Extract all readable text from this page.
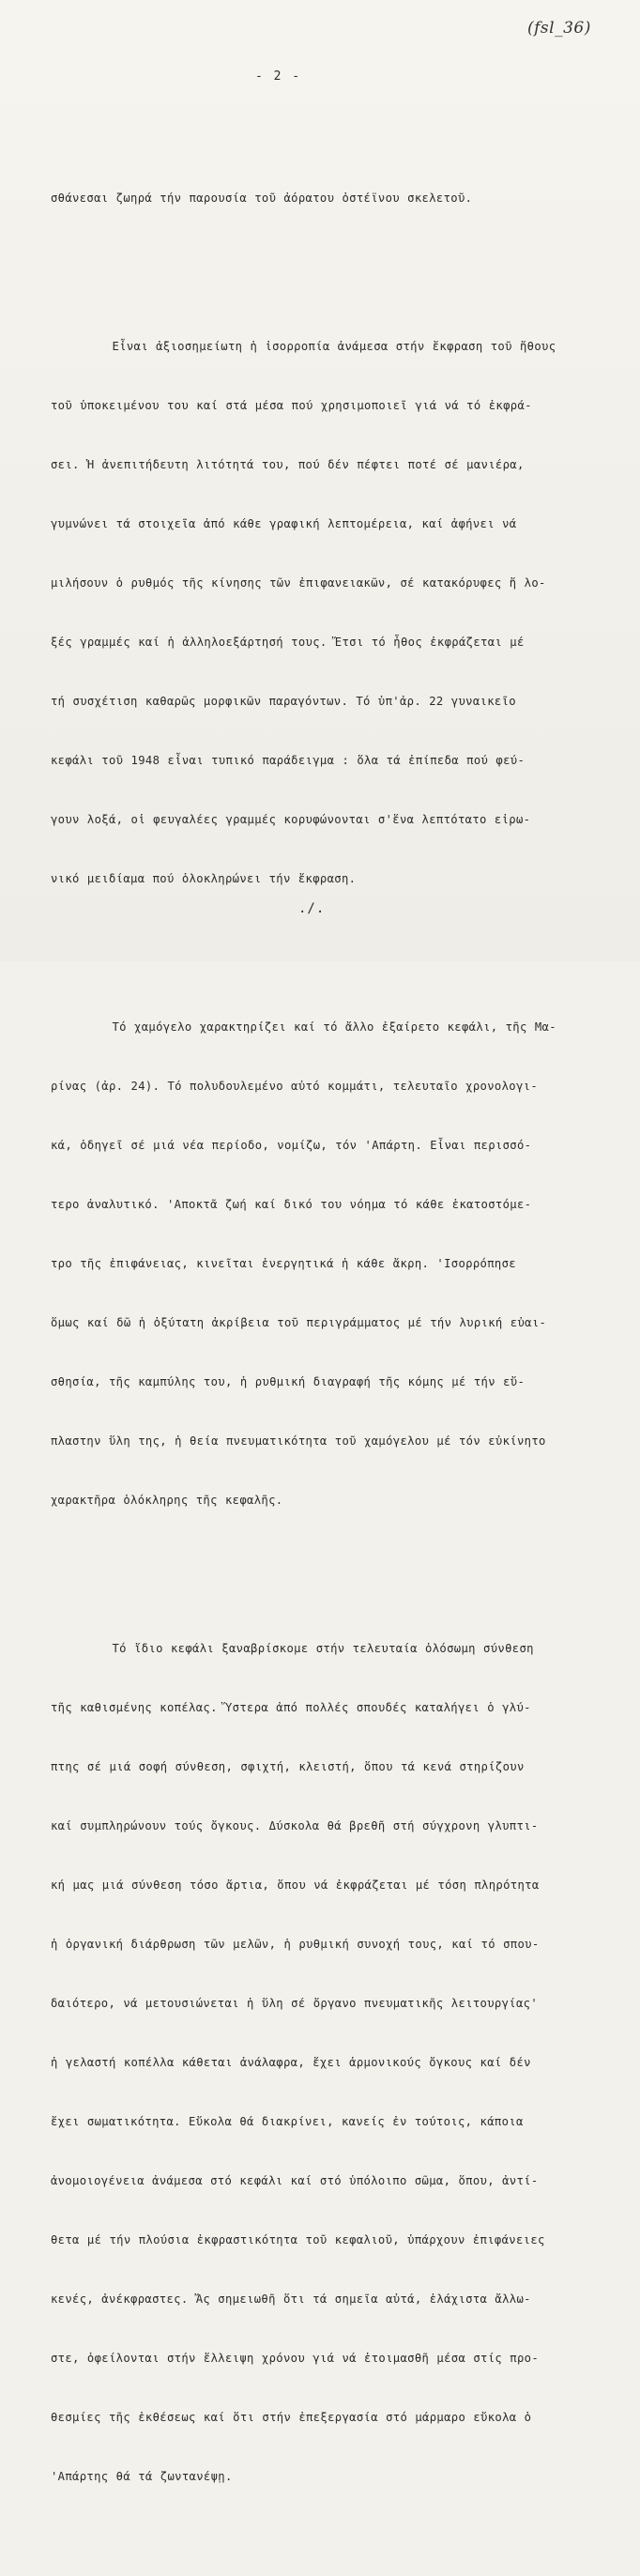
(fsl_36)
- 2 -

σθάνεσαι ζωηρά τήν παρουσία τοῦ ἀόρατου ὀστέϊνου σκελετοῦ.

Εἶναι ἀξιοσημείωτη ἡ ἰσορροπία ἀνάμεσα στήν ἔκφραση τοῦ ἤθους

τοῦ ὑποκειμένου του καί στά μέσα πού χρησιμοποιεῖ γιά νά τό ἐκφρά-

σει. Ἡ ἀνεπιτήδευτη λιτότητά του, πού δέν πέφτει ποτέ σέ μανιέρα,

γυμνώνει τά στοιχεῖα ἀπό κάθε γραφική λεπτομέρεια, καί ἀφήνει νά

μιλήσουν ὁ ρυθμός τῆς κίνησης τῶν ἐπιφανειακῶν, σέ κατακόρυφες ἤ λο-

ξές γραμμές καί ἡ ἀλληλοεξάρτησή τους. Ἔτσι τό ἦθος ἐκφράζεται μέ

τή συσχέτιση καθαρῶς μορφικῶν παραγόντων. Τό ὑπ'ἀρ. 22 γυναικεῖο

κεφάλι τοῦ 1948 εἶναι τυπικό παράδειγμα : ὅλα τά ἐπίπεδα πού φεύ-

γουν λοξά, οἱ φευγαλέες γραμμές κορυφώνονται σ'ἕνα λεπτότατο εἰρω-

νικό μειδίαμα πού ὁλοκληρώνει τήν ἔκφραση.

Τό χαμόγελο χαρακτηρίζει καί τό ἄλλο ἐξαίρετο κεφάλι, τῆς Μα-

ρίνας (ἀρ. 24). Τό πολυδουλεμένο αὐτό κομμάτι, τελευταῖο χρονολογι-

κά, ὁδηγεῖ σέ μιά νέα περίοδο, νομίζω, τόν 'Απάρτη. Εἶναι περισσό-

τερο ἀναλυτικό. 'Αποκτᾶ ζωή καί δικό του νόημα τό κάθε ἑκατοστόμε-

τρο τῆς ἐπιφάνειας, κινεῖται ἐνεργητικά ἡ κάθε ἄκρη. 'Ισορρόπησε

ὅμως καί δῶ ἡ ὀξύτατη ἀκρίβεια τοῦ περιγράμματος μέ τήν λυρική εὐαι-

σθησία, τῆς καμπύλης του, ἡ ρυθμική διαγραφή τῆς κόμης μέ τήν εὔ-

πλαστην ὕλη της, ἡ θεία πνευματικότητα τοῦ χαμόγελου μέ τόν εὐκίνητο

χαρακτῆρα ὁλόκληρης τῆς κεφαλῆς.

Τό ἴδιο κεφάλι ξαναβρίσκομε στήν τελευταία ὁλόσωμη σύνθεση

τῆς καθισμένης κοπέλας. Ὕστερα ἀπό πολλές σπουδές καταλήγει ὁ γλύ-

πτης σέ μιά σοφή σύνθεση, σφιχτή, κλειστή, ὅπου τά κενά στηρίζουν

καί συμπληρώνουν τούς ὄγκους. Δύσκολα θά βρεθῆ στή σύγχρονη γλυπτι-

κή μας μιά σύνθεση τόσο ἄρτια, ὅπου νά ἐκφράζεται μέ τόση πληρότητα

ἡ ὀργανική διάρθρωση τῶν μελῶν, ἡ ρυθμική συνοχή τους, καί τό σπου-

δαιότερο, νά μετουσιώνεται ἡ ὕλη σέ ὄργανο πνευματικῆς λειτουργίας'

ἡ γελαστή κοπέλλα κάθεται ἀνάλαφρα, ἔχει ἁρμονικούς ὄγκους καί δέν

ἔχει σωματικότητα. Εὔκολα θά διακρίνει, κανείς ἐν τούτοις, κάποια

ἀνομοιογένεια ἀνάμεσα στό κεφάλι καί στό ὑπόλοιπο σῶμα, ὅπου, ἀντί-

θετα μέ τήν πλούσια ἐκφραστικότητα τοῦ κεφαλιοῦ, ὑπάρχουν ἐπιφάνειες

κενές, ἀνέκφραστες. Ἄς σημειωθῆ ὅτι τά σημεῖα αὐτά, ἐλάχιστα ἄλλω-

στε, ὀφείλονται στήν ἔλλειψη χρόνου γιά νά ἑτοιμασθῆ μέσα στίς προ-

θεσμίες τῆς ἐκθέσεως καί ὅτι στήν ἐπεξεργασία στό μάρμαρο εὔκολα ὁ

'Απάρτης θά τά ζωντανέψῃ.

./.
